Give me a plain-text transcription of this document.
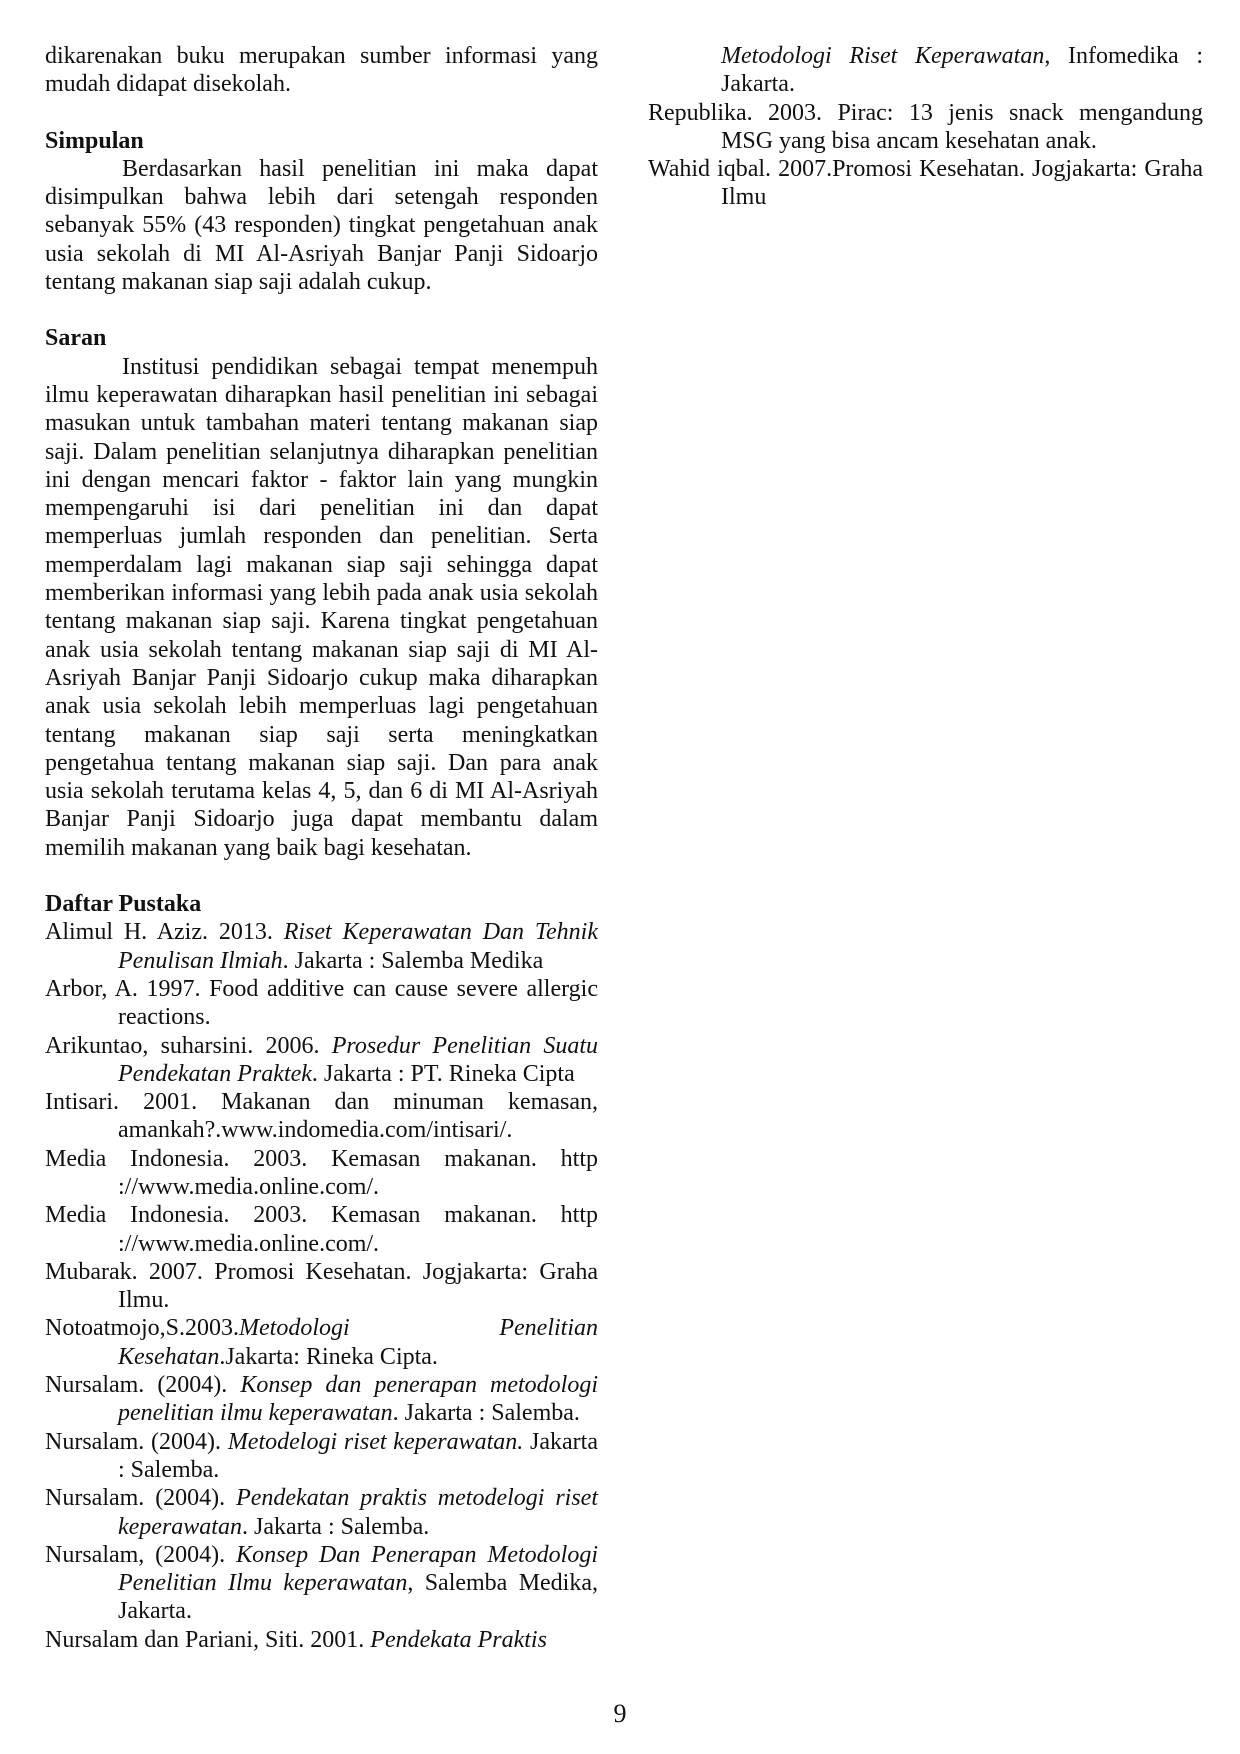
dikarenakan buku merupakan sumber informasi yang mudah didapat disekolah.

Simpulan

Berdasarkan hasil penelitian ini maka dapat disimpulkan bahwa lebih dari setengah responden sebanyak 55% (43 responden) tingkat pengetahuan anak usia sekolah di MI Al-Asriyah Banjar Panji Sidoarjo tentang makanan siap saji adalah cukup.

Saran

Institusi pendidikan sebagai tempat menempuh ilmu keperawatan diharapkan hasil penelitian ini sebagai masukan untuk tambahan materi tentang makanan siap saji. Dalam penelitian selanjutnya diharapkan penelitian ini dengan mencari faktor - faktor lain yang mungkin mempengaruhi isi dari penelitian ini dan dapat memperluas jumlah responden dan penelitian. Serta memperdalam lagi makanan siap saji sehingga dapat memberikan informasi yang lebih pada anak usia sekolah tentang makanan siap saji. Karena tingkat pengetahuan anak usia sekolah tentang makanan siap saji di MI Al-Asriyah Banjar Panji Sidoarjo cukup maka diharapkan anak usia sekolah lebih memperluas lagi pengetahuan tentang makanan siap saji serta meningkatkan pengetahua tentang makanan siap saji. Dan para anak usia sekolah terutama kelas 4, 5, dan 6 di MI Al-Asriyah Banjar Panji Sidoarjo juga dapat membantu dalam memilih makanan yang baik bagi kesehatan.

Daftar Pustaka

Alimul H. Aziz. 2013. Riset Keperawatan Dan Tehnik Penulisan Ilmiah. Jakarta : Salemba Medika

Arbor, A. 1997. Food additive can cause severe allergic reactions.

Arikuntao, suharsini. 2006. Prosedur Penelitian Suatu Pendekatan Praktek. Jakarta : PT. Rineka Cipta

Intisari. 2001. Makanan dan minuman kemasan, amankah?.www.indomedia.com/intisari/.

Media Indonesia. 2003. Kemasan makanan. http ://www.media.online.com/.

Media Indonesia. 2003. Kemasan makanan. http ://www.media.online.com/.

Mubarak. 2007. Promosi Kesehatan. Jogjakarta: Graha Ilmu.

Notoatmojo,S.2003.Metodologi Penelitian Kesehatan.Jakarta: Rineka Cipta.

Nursalam. (2004). Konsep dan penerapan metodologi penelitian ilmu keperawatan. Jakarta : Salemba.

Nursalam. (2004). Metodelogi riset keperawatan. Jakarta : Salemba.

Nursalam. (2004). Pendekatan praktis metodelogi riset keperawatan. Jakarta : Salemba.

Nursalam, (2004). Konsep Dan Penerapan Metodologi Penelitian Ilmu keperawatan, Salemba Medika, Jakarta.

Nursalam dan Pariani, Siti. 2001. Pendekata Praktis

Metodologi Riset Keperawatan, Infomedika : Jakarta.

Republika. 2003. Pirac: 13 jenis snack mengandung MSG yang bisa ancam kesehatan anak.

Wahid iqbal. 2007.Promosi Kesehatan. Jogjakarta: Graha Ilmu

9
